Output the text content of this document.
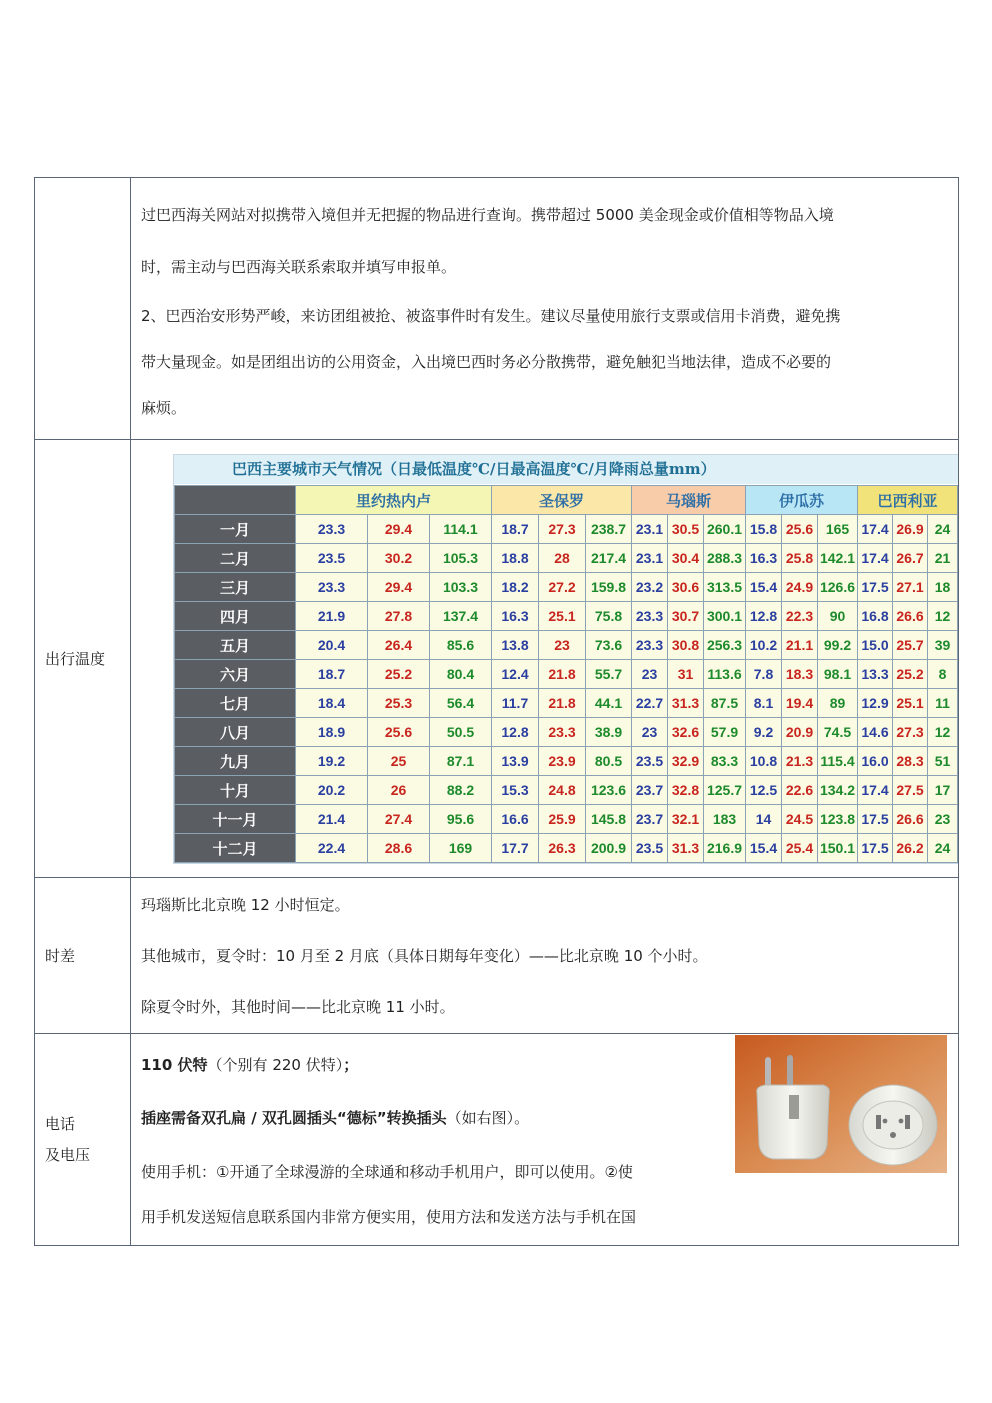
过巴西海关网站对拟携带入境但并无把握的物品进行查询。携带超过 5000 美金现金或价值相等物品入境

时，需主动与巴西海关联系索取并填写申报单。

2、巴西治安形势严峻，来访团组被抢、被盗事件时有发生。建议尽量使用旅行支票或信用卡消费，避免携

带大量现金。如是团组出访的公用资金，入出境巴西时务必分散携带，避免触犯当地法律，造成不必要的

麻烦。

出行温度	
巴西主要城市天气情况（日最低温度℃/日最高温度℃/月降雨总量mm）
	里约热内卢	圣保罗	马瑙斯	伊瓜苏	巴西利亚
一月	23.3	29.4	114.1	18.7	27.3	238.7	23.1	30.5	260.1	15.8	25.6	165	17.4	26.9	24
二月	23.5	30.2	105.3	18.8	28	217.4	23.1	30.4	288.3	16.3	25.8	142.1	17.4	26.7	21
三月	23.3	29.4	103.3	18.2	27.2	159.8	23.2	30.6	313.5	15.4	24.9	126.6	17.5	27.1	18
四月	21.9	27.8	137.4	16.3	25.1	75.8	23.3	30.7	300.1	12.8	22.3	90	16.8	26.6	12
五月	20.4	26.4	85.6	13.8	23	73.6	23.3	30.8	256.3	10.2	21.1	99.2	15.0	25.7	39
六月	18.7	25.2	80.4	12.4	21.8	55.7	23	31	113.6	7.8	18.3	98.1	13.3	25.2	8
七月	18.4	25.3	56.4	11.7	21.8	44.1	22.7	31.3	87.5	8.1	19.4	89	12.9	25.1	11
八月	18.9	25.6	50.5	12.8	23.3	38.9	23	32.6	57.9	9.2	20.9	74.5	14.6	27.3	12
九月	19.2	25	87.1	13.9	23.9	80.5	23.5	32.9	83.3	10.8	21.3	115.4	16.0	28.3	51
十月	20.2	26	88.2	15.3	24.8	123.6	23.7	32.8	125.7	12.5	22.6	134.2	17.4	27.5	17
十一月	21.4	27.4	95.6	16.6	25.9	145.8	23.7	32.1	183	14	24.5	123.8	17.5	26.6	23
十二月	22.4	28.6	169	17.7	26.3	200.9	23.5	31.3	216.9	15.4	25.4	150.1	17.5	26.2	24

时差	

玛瑙斯比北京晚 12 小时恒定。

其他城市，夏令时：10 月至 2 月底（具体日期每年变化）——比北京晚 10 个小时。

除夏令时外，其他时间——比北京晚 11 小时。

电话
及电压

110 伏特（个别有 220 伏特）；

插座需备双孔扁 / 双孔圆插头“德标”转换插头（如右图）。

使用手机：①开通了全球漫游的全球通和移动手机用户，即可以使用。②使

用手机发送短信息联系国内非常方便实用，使用方法和发送方法与手机在国
